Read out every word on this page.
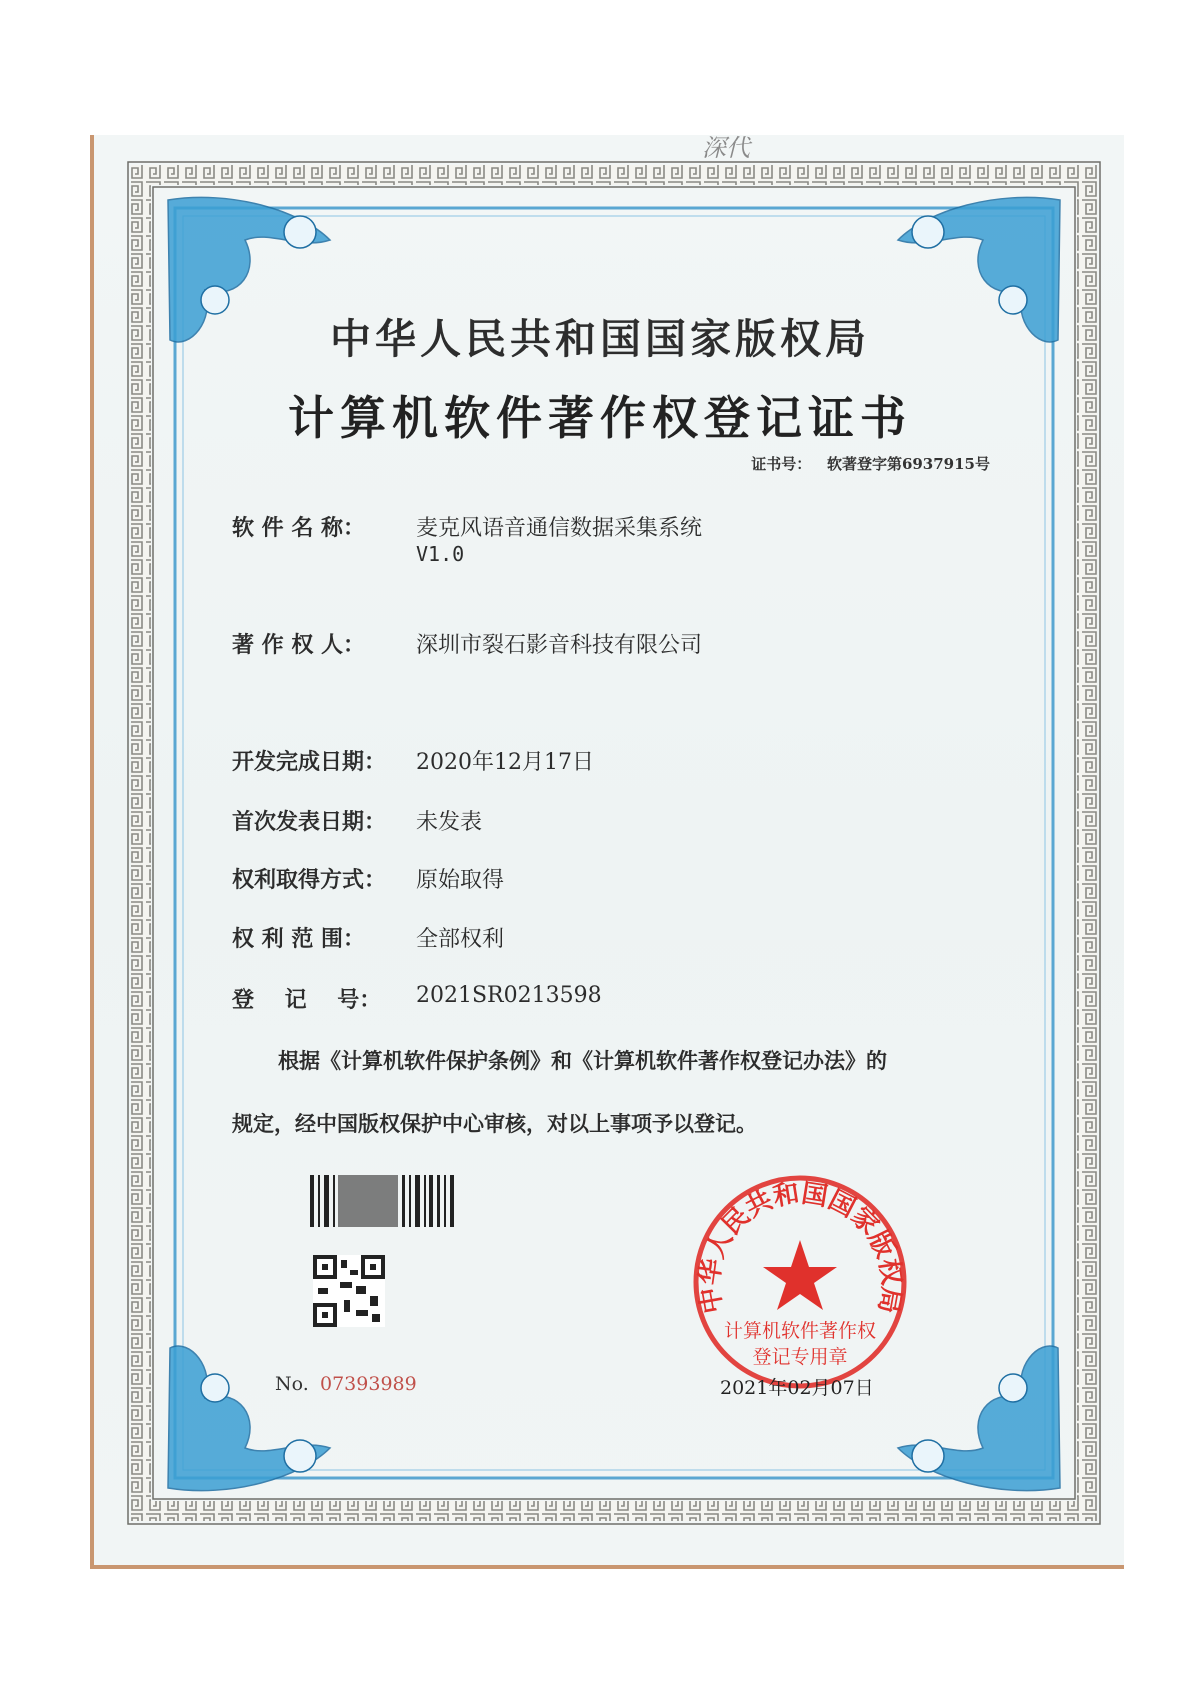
深代
中华人民共和国国家版权局
计算机软件著作权登记证书
证书号： 软著登字第6937915号
软 件 名 称： 麦克风语音通信数据采集系统
V1.0
著 作 权 人： 深圳市裂石影音科技有限公司
开发完成日期： 2020年12月17日
首次发表日期： 未发表
权利取得方式： 原始取得
权 利 范 围： 全部权利
登    记    号： 2021SR0213598
根据《计算机软件保护条例》和《计算机软件著作权登记办法》的
规定，经中国版权保护中心审核，对以上事项予以登记。
No. 07393989
中华人民共和国国家版权局
计算机软件著作权
登记专用章
2021年02月07日
